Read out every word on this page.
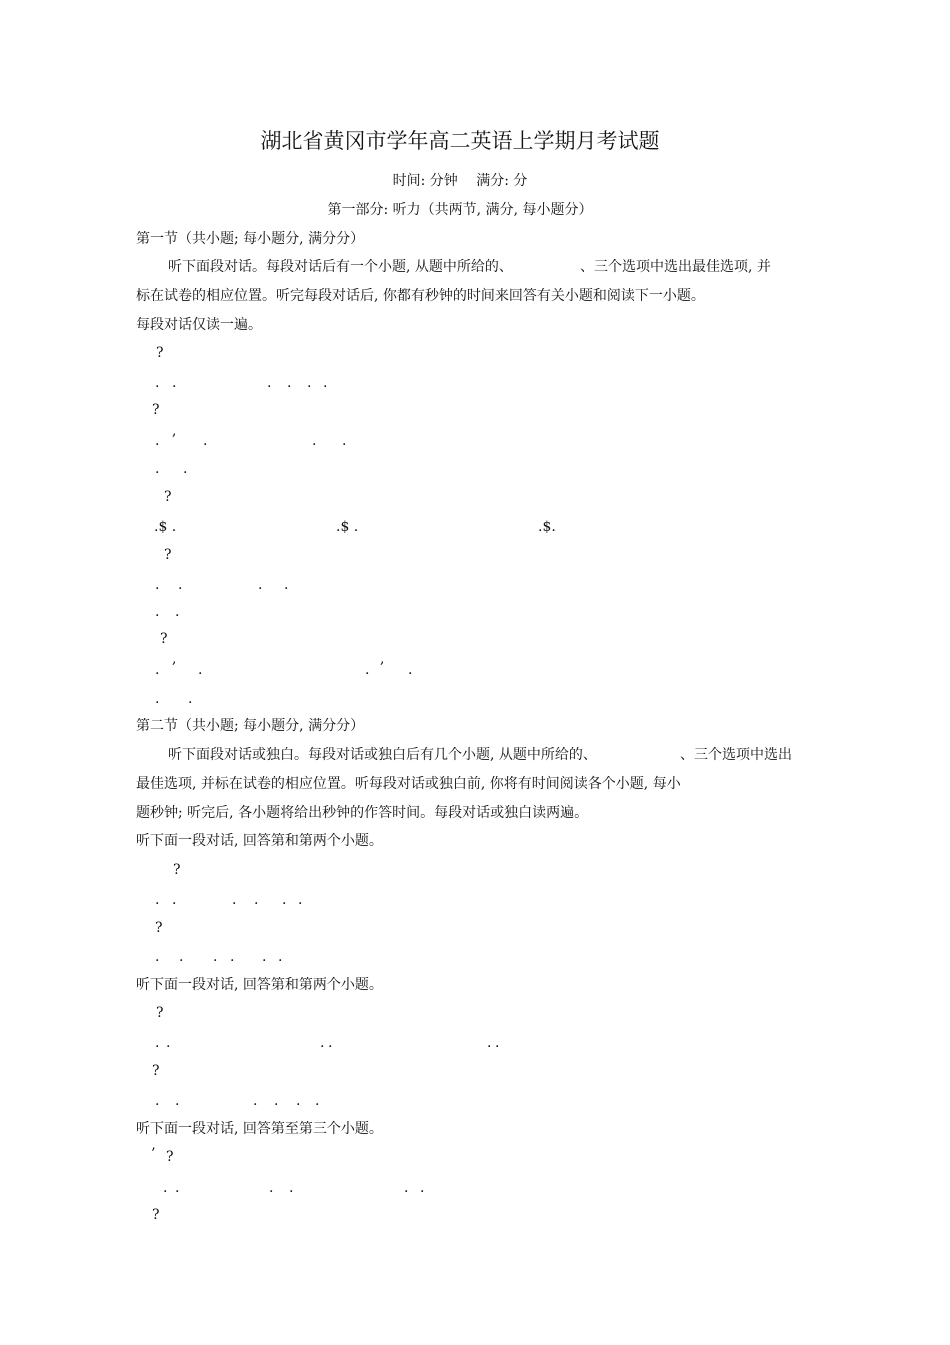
湖北省黄冈市学年高二英语上学期月考试题
时间: 分钟　 满分: 分
第一部分: 听力（共两节, 满分, 每小题分）
第一节（共小题; 每小题分, 满分分）
听下面段对话。每段对话后有一个小题, 从题中所给的、	、三个选项中选出最佳选项, 并
标在试卷的相应位置。听完每段对话后, 你都有秒钟的时间来回答有关小题和阅读下一小题。
每段对话仅读一遍。
?
. .	. . . .
?
,
.	.	. .
. .
?
.$ .	.$ .	.$.
?
. .	. .
. .
?
,	,
.	.	.	.
. .
第二节（共小题; 每小题分, 满分分）
听下面段对话或独白。每段对话或独白后有几个小题, 从题中所给的、	、三个选项中选出
最佳选项, 并标在试卷的相应位置。听每段对话或独白前, 你将有时间阅读各个小题, 每小
题秒钟; 听完后, 各小题将给出秒钟的作答时间。每段对话或独白读两遍。
听下面一段对话, 回答第和第两个小题。
?
. .	. . . .
?
. . . . . .
听下面一段对话, 回答第和第两个小题。
?
. .	. .	. .
?
. .	. . . .
听下面一段对话, 回答第至第三个小题。
’ ?
. .	. .	. .
?
